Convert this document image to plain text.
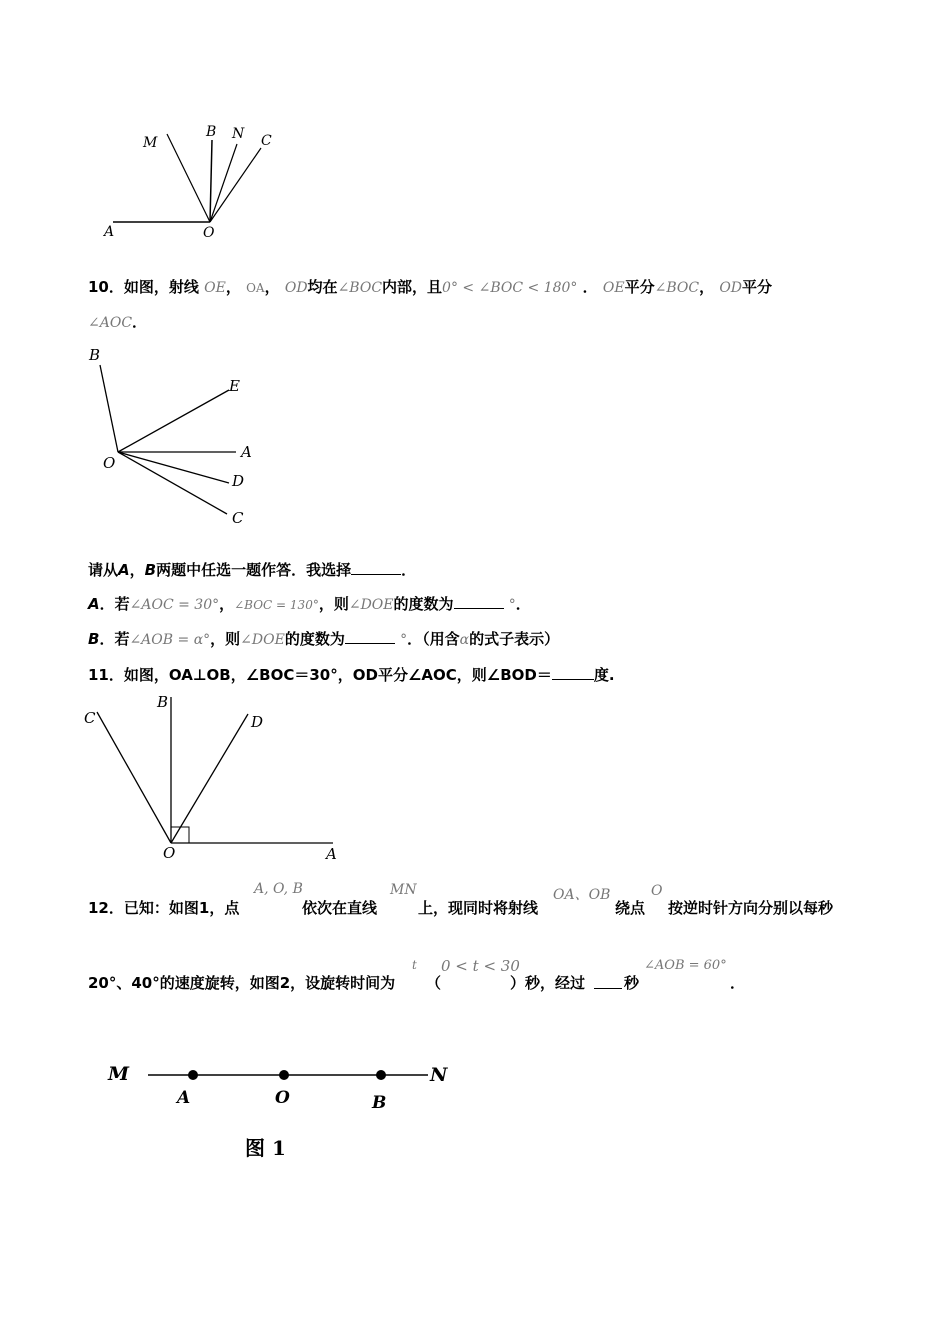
M
B N C
A	O
10．如图，射线 OE， OA， OD均在∠BOC内部，且0° < ∠BOC < 180° ． OE平分∠BOC， OD平分
∠AOC．
B
E
A
O
D
C
请从A，B两题中任选一题作答．我选择	．
A．若∠AOC = 30°，∠BOC = 130°，则∠DOE的度数为	°．
B．若∠AOB = α°，则∠DOE的度数为	°．（用含α的式子表示）
11．如图，OA⊥OB，∠BOC＝30°，OD平分∠AOC，则∠BOD＝	度.
C
B
D
O	A
12．已知：如图1，点
A, O, B
依次在直线
MN
上，现同时将射线
OA、OB
绕点
O
按逆时针方向分别以每秒
20°、40°的速度旋转，如图2，设旋转时间为
t
（
0 < t < 30
）秒，经过	秒
∠AOB = 60°
．
M
A	O	B
N
图 1
